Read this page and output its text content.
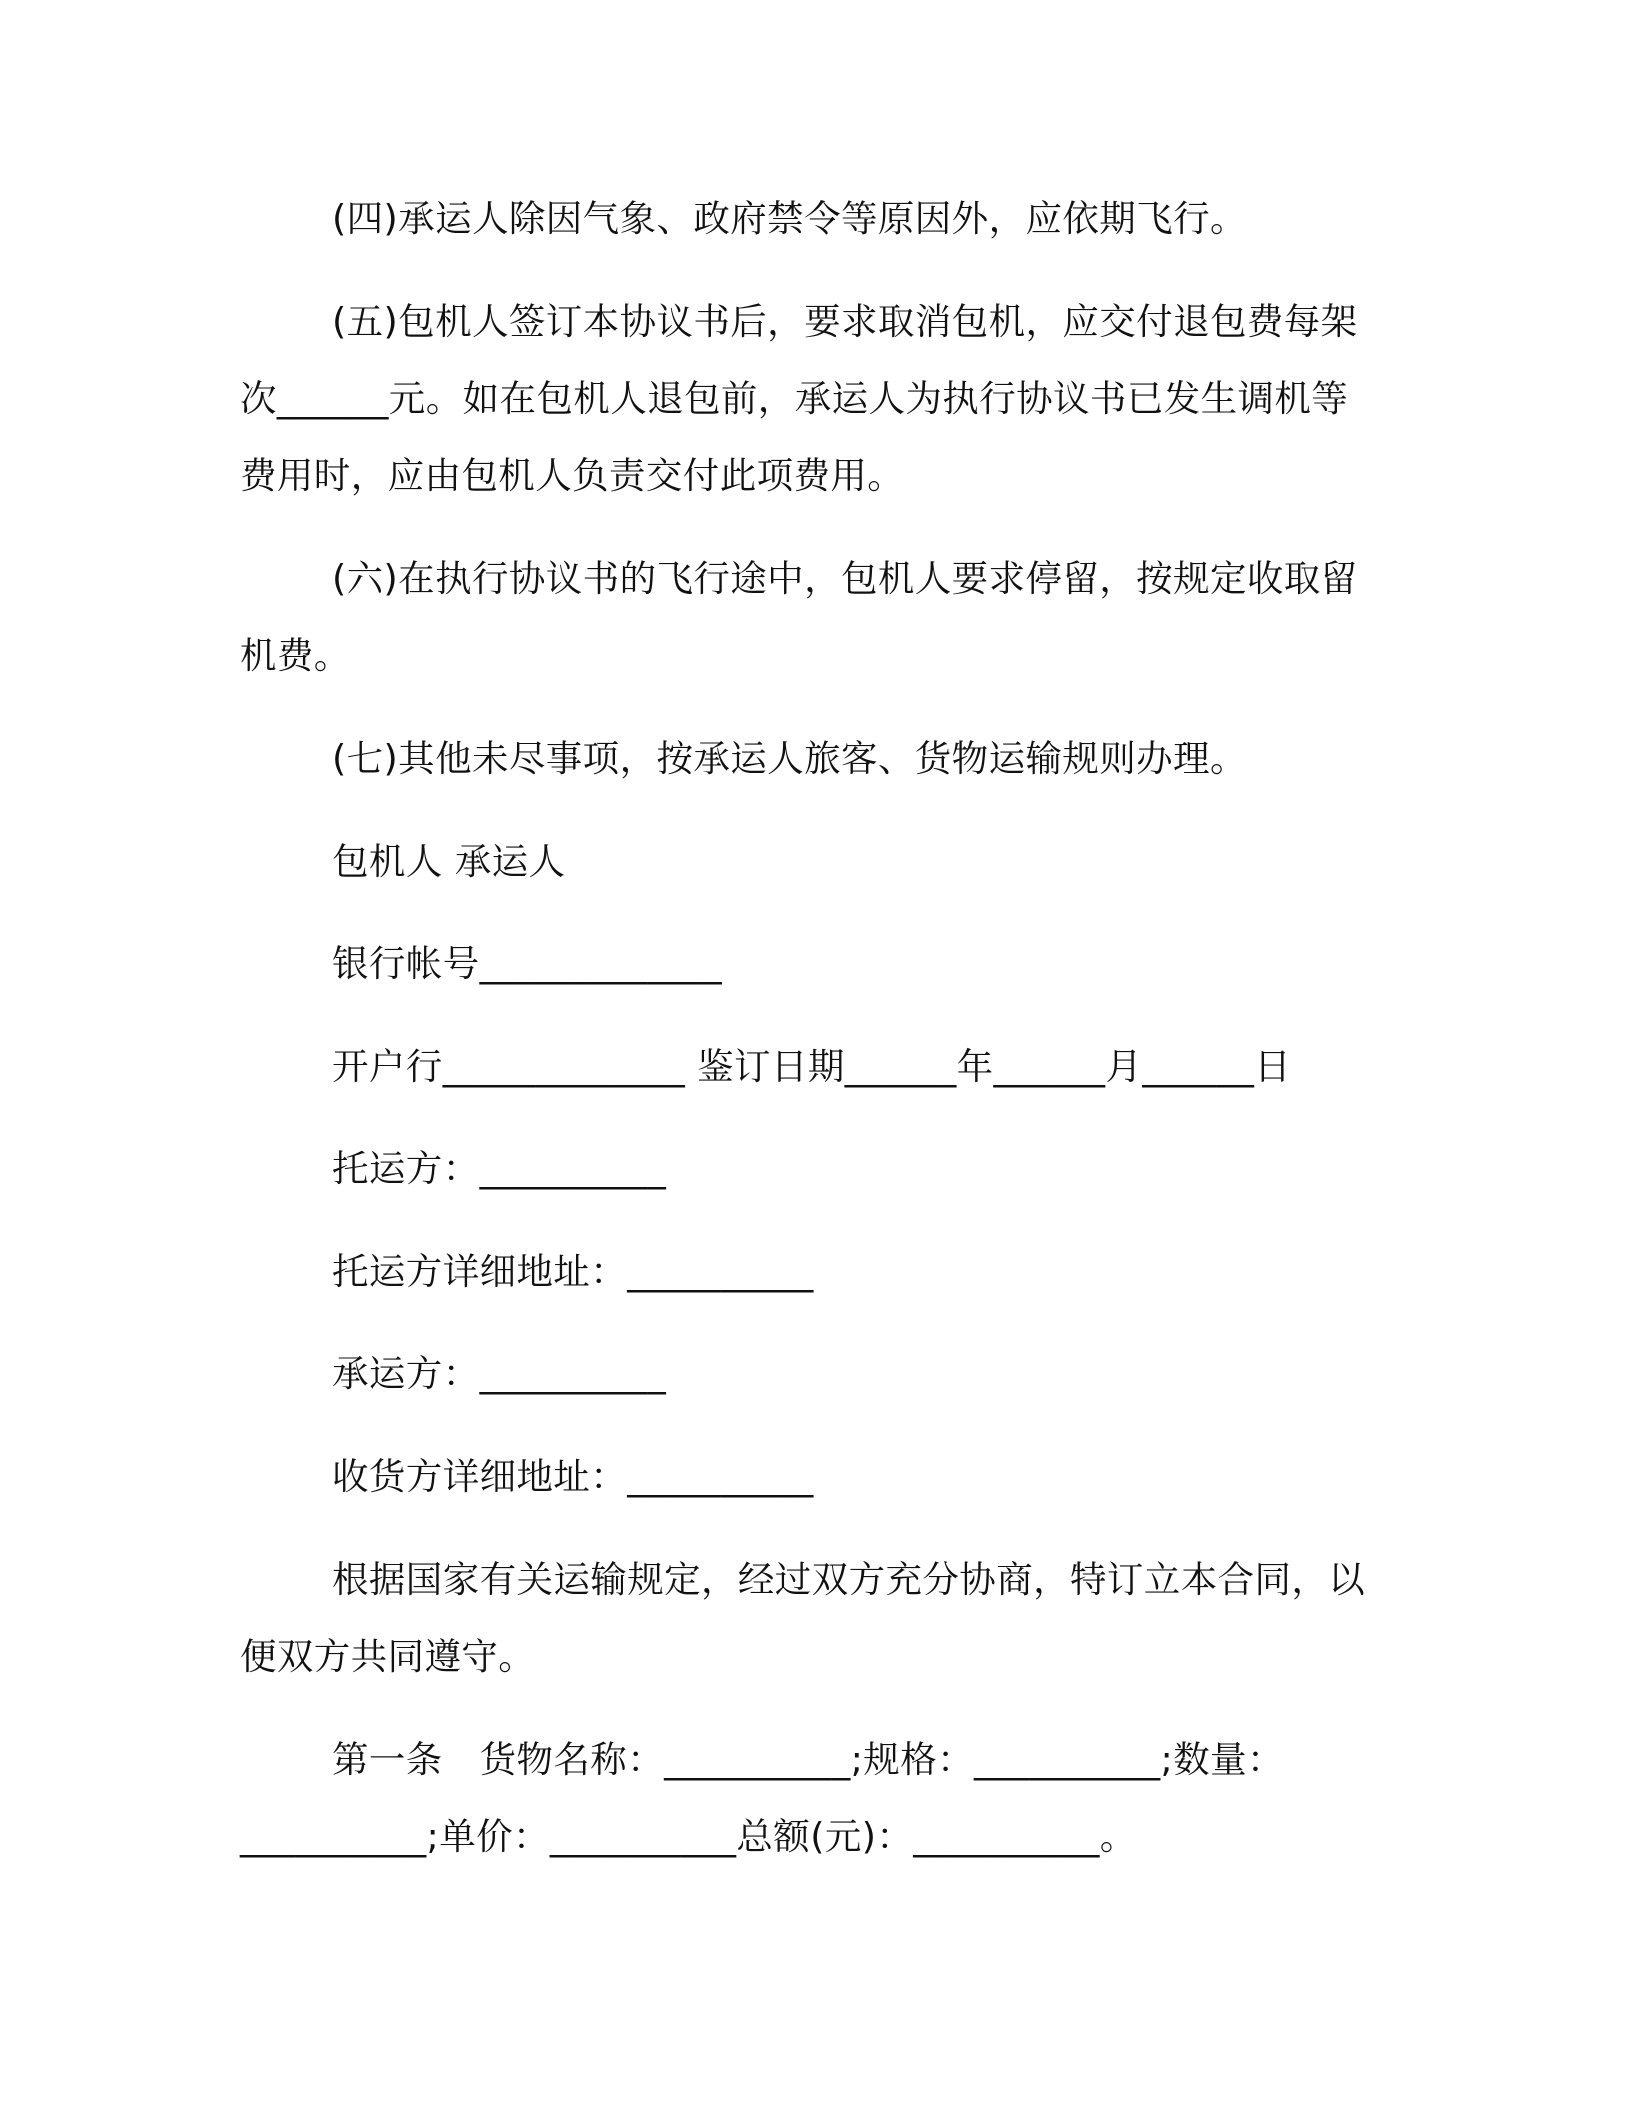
(四)承运人除因气象、政府禁令等原因外，应依期飞行。

(五)包机人签订本协议书后，要求取消包机，应交付退包费每架

次______元。如在包机人退包前，承运人为执行协议书已发生调机等

费用时，应由包机人负责交付此项费用。

(六)在执行协议书的飞行途中，包机人要求停留，按规定收取留

机费。

(七)其他未尽事项，按承运人旅客、货物运输规则办理。

包机人 承运人

银行帐号_____________

开户行_____________ 鉴订日期______年______月______日

托运方：__________

托运方详细地址：__________

承运方：__________

收货方详细地址：__________

根据国家有关运输规定，经过双方充分协商，特订立本合同，以

便双方共同遵守。

第一条　货物名称：__________;规格：__________;数量：

__________;单价：__________总额(元)：__________。
